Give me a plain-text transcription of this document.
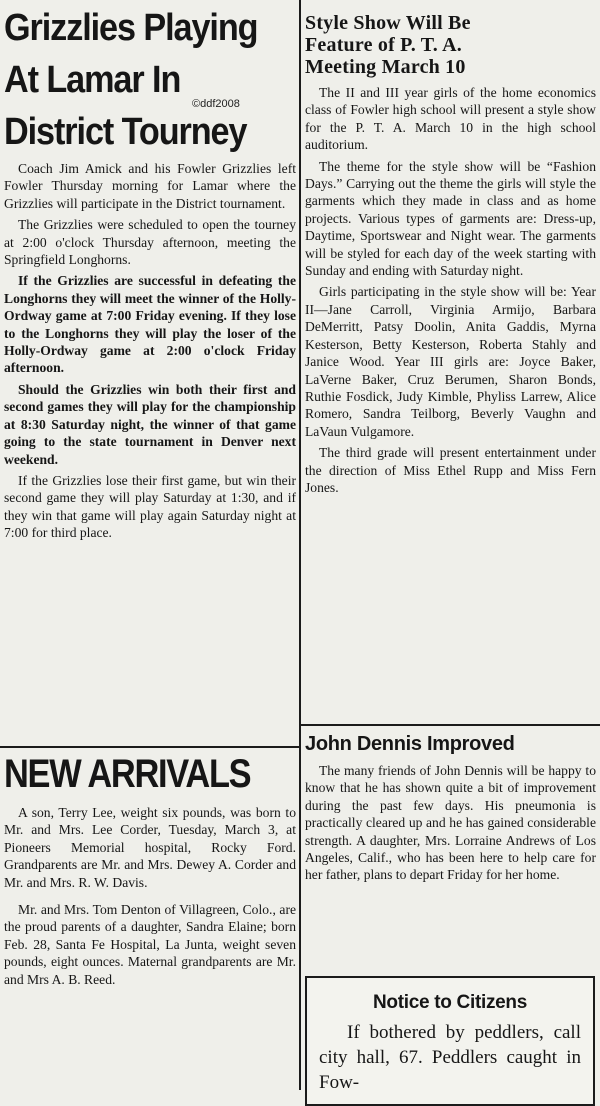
©ddf2008
Grizzlies Playing
At Lamar In
District Tourney

Coach Jim Amick and his Fowler Grizzlies left Fowler Thursday morning for Lamar where the Grizzlies will participate in the District tournament.

The Grizzlies were scheduled to open the tourney at 2:00 o'clock Thursday afternoon, meeting the Springfield Longhorns.

If the Grizzlies are successful in defeating the Longhorns they will meet the winner of the Holly-Ordway game at 7:00 Friday evening. If they lose to the Longhorns they will play the loser of the Holly-Ordway game at 2:00 o'clock Friday afternoon.

Should the Grizzlies win both their first and second games they will play for the championship at 8:30 Saturday night, the winner of that game going to the state tournament in Denver next weekend.

If the Grizzlies lose their first game, but win their second game they will play Saturday at 1:30, and if they win that game will play again Saturday night at 7:00 for third place.

NEW ARRIVALS

A son, Terry Lee, weight six pounds, was born to Mr. and Mrs. Lee Corder, Tuesday, March 3, at Pioneers Memorial hospital, Rocky Ford. Grandparents are Mr. and Mrs. Dewey A. Corder and Mr. and Mrs. R. W. Davis.

Mr. and Mrs. Tom Denton of Villagreen, Colo., are the proud parents of a daughter, Sandra Elaine; born Feb. 28, Santa Fe Hospital, La Junta, weight seven pounds, eight ounces. Maternal grandparents are Mr. and Mrs A. B. Reed.

Style Show Will Be
Feature of P. T. A.
Meeting March 10

The II and III year girls of the home economics class of Fowler high school will present a style show for the P. T. A. March 10 in the high school auditorium.

The theme for the style show will be “Fashion Days.” Carrying out the theme the girls will style the garments which they made in class and as home projects. Various types of garments are: Dress-up, Daytime, Sportswear and Night wear. The garments will be styled for each day of the week starting with Sunday and ending with Saturday night.

Girls participating in the style show will be: Year II—Jane Carroll, Virginia Armijo, Barbara DeMerritt, Patsy Doolin, Anita Gaddis, Myrna Kesterson, Betty Kesterson, Roberta Stahly and Janice Wood. Year III girls are: Joyce Baker, LaVerne Baker, Cruz Berumen, Sharon Bonds, Ruthie Fosdick, Judy Kimble, Phyliss Larrew, Alice Romero, Sandra Teilborg, Beverly Vaughn and LaVaun Vulgamore.

The third grade will present entertainment under the direction of Miss Ethel Rupp and Miss Fern Jones.

John Dennis Improved

The many friends of John Dennis will be happy to know that he has shown quite a bit of improvement during the past few days. His pneumonia is practically cleared up and he has gained considerable strength. A daughter, Mrs. Lorraine Andrews of Los Angeles, Calif., who has been here to help care for her father, plans to depart Friday for her home.

Notice to Citizens
If bothered by peddlers, call city hall, 67. Peddlers caught in Fow-
